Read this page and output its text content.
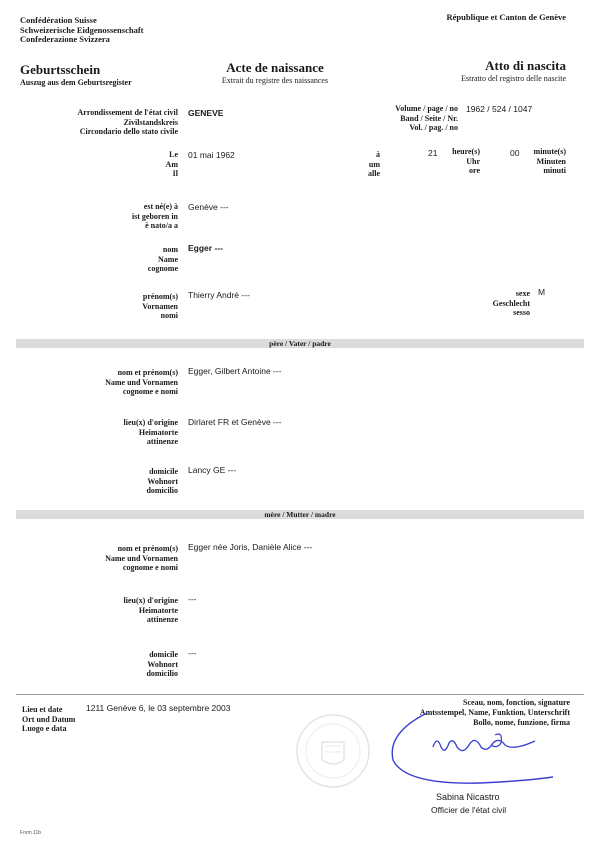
Confédération Suisse
Schweizerische Eidgenossenschaft
Confederazione Svizzera
République et Canton de Genève
Geburtsschein
Auszug aus dem Geburtsregister
Acte de naissance
Extrait du registre des naissances
Atto di nascita
Estratto del registro delle nascite
Arrondissement de l'état civil
Zivilstandskreis
Circondario dello stato civile
GENEVE	Volume / page / no
Band / Seite / Nr.
Vol. / pag. / no
1962 / 524 / 1047
Le
Am
Il
01 mai 1962	à
um
alle
21	heure(s)
Uhr
ore
00	minute(s)
Minuten
minuti
est né(e) à
ist geboren in
è nato/a a
Genève ---
nom
Name
cognome
Egger ---
prénom(s)
Vornamen
nomi
Thierry André ---	sexe
Geschlecht
sesso
M
père / Vater / padre
nom et prénom(s)
Name und Vornamen
cognome e nomi
Egger, Gilbert Antoine ---
lieu(x) d'origine
Heimatorte
attinenze
Dirlaret FR et Genève ---
domicile
Wohnort
domicilio
Lancy GE ---
mère / Mutter / madre
nom et prénom(s)
Name und Vornamen
cognome e nomi
Egger née Joris, Danièle Alice ---
lieu(x) d'origine
Heimatorte
attinenze
---
domicile
Wohnort
domicilio
---
Lieu et date
Ort und Datum
Luogo e data
1211 Genève 6, le 03 septembre 2003
Sceau, nom, fonction, signature
Amtsstempel, Name, Funktion, Unterschrift
Bollo, nome, funzione, firma
Sabina Nicastro
Officier de l'état civil
Form 11b
